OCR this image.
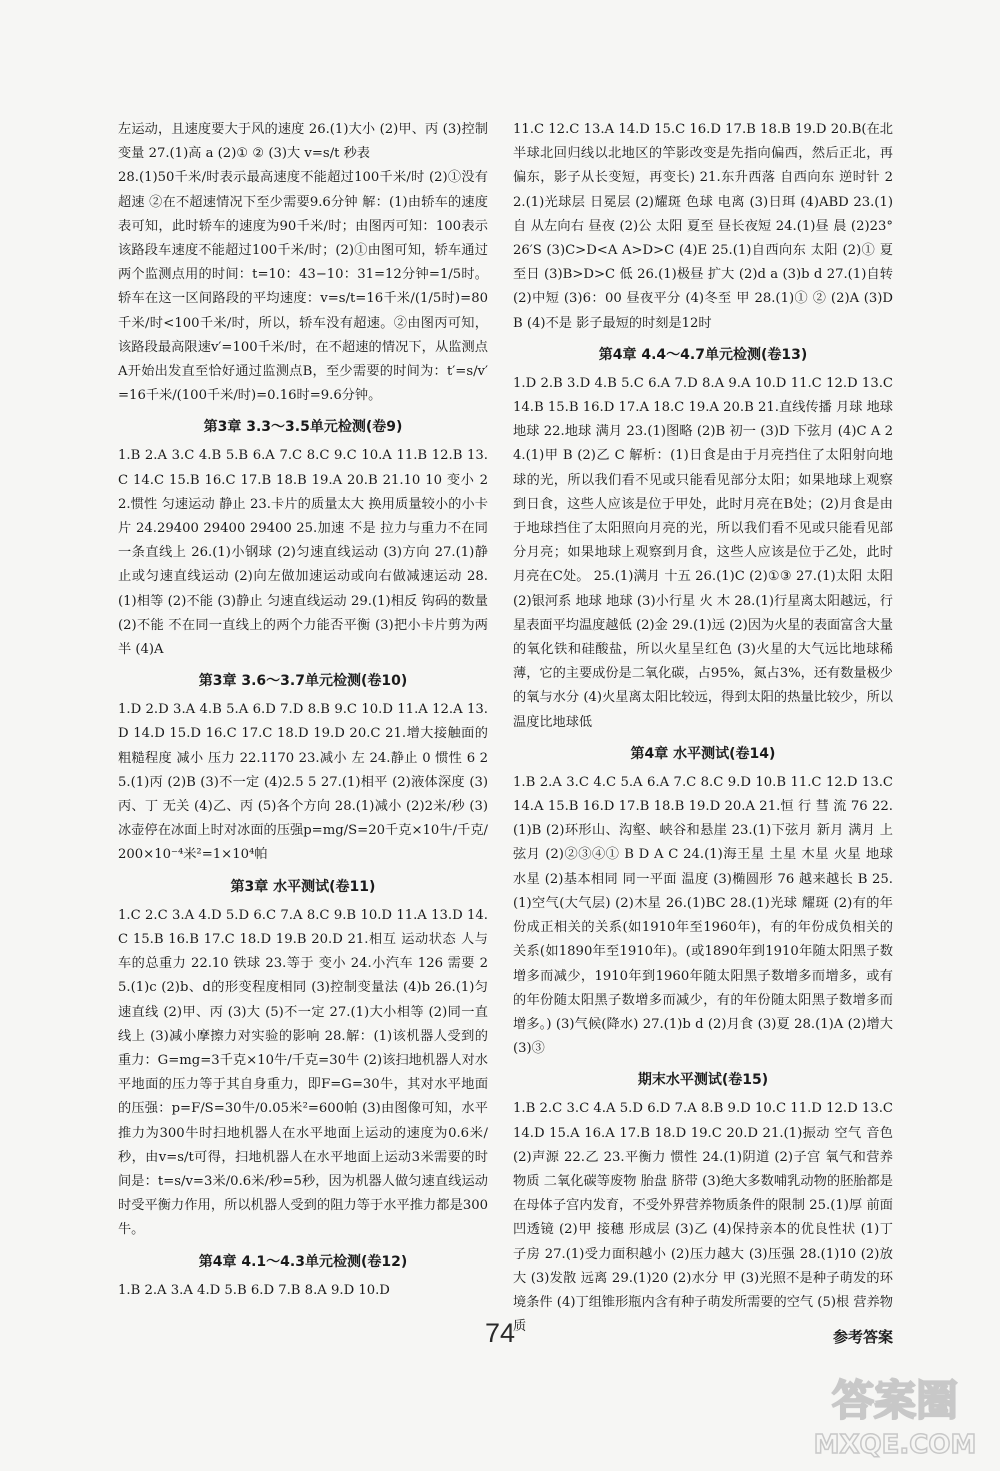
左运动，且速度要大于风的速度 26.(1)大小 (2)甲、丙 (3)控制变量 27.(1)高 a (2)① ② (3)大 v=s/t 秒表

28.(1)50千米/时表示最高速度不能超过100千米/时 (2)①没有超速 ②在不超速情况下至少需要9.6分钟 解：(1)由轿车的速度表可知，此时轿车的速度为90千米/时；由图丙可知：100表示该路段车速度不能超过100千米/时；(2)①由图可知，轿车通过两个监测点用的时间：t=10：43−10：31=12分钟=1/5时。轿车在这一区间路段的平均速度：v=s/t=16千米/(1/5时)=80千米/时<100千米/时，所以，轿车没有超速。②由图丙可知，该路段最高限速v′=100千米/时，在不超速的情况下，从监测点A开始出发直至恰好通过监测点B，至少需要的时间为：t′=s/v′=16千米/(100千米/时)=0.16时=9.6分钟。

第3章 3.3～3.5单元检测(卷9)

1.B 2.A 3.C 4.B 5.B 6.A 7.C 8.C 9.C 10.A 11.B 12.B 13.C 14.C 15.B 16.C 17.B 18.B 19.A 20.B 21.10 10 变小 22.惯性 匀速运动 静止 23.卡片的质量太大 换用质量较小的小卡片 24.29400 29400 29400 25.加速 不是 拉力与重力不在同一条直线上 26.(1)小钢球 (2)匀速直线运动 (3)方向 27.(1)静止或匀速直线运动 (2)向左做加速运动或向右做减速运动 28.(1)相等 (2)不能 (3)静止 匀速直线运动 29.(1)相反 钩码的数量 (2)不能 不在同一直线上的两个力能否平衡 (3)把小卡片剪为两半 (4)A

第3章 3.6～3.7单元检测(卷10)

1.D 2.D 3.A 4.B 5.A 6.D 7.D 8.B 9.C 10.D 11.A 12.A 13.D 14.D 15.D 16.C 17.C 18.D 19.D 20.C 21.增大接触面的粗糙程度 减小 压力 22.1170 23.减小 左 24.静止 0 惯性 6 25.(1)丙 (2)B (3)不一定 (4)2.5 5 27.(1)相平 (2)液体深度 (3)丙、丁 无关 (4)乙、丙 (5)各个方向 28.(1)减小 (2)2米/秒 (3)冰壶停在冰面上时对冰面的压强p=mg/S=20千克×10牛/千克/200×10⁻⁴米²=1×10⁴帕

第3章 水平测试(卷11)

1.C 2.C 3.A 4.D 5.D 6.C 7.A 8.C 9.B 10.D 11.A 13.D 14.C 15.B 16.B 17.C 18.D 19.B 20.D 21.相互 运动状态 人与车的总重力 22.10 铁球 23.等于 变小 24.小汽车 126 需要 25.(1)c (2)b、d的形变程度相同 (3)控制变量法 (4)b 26.(1)匀速直线 (2)甲、丙 (3)大 (5)不一定 27.(1)大小相等 (2)同一直线上 (3)减小摩擦力对实验的影响 28.解：(1)该机器人受到的重力：G=mg=3千克×10牛/千克=30牛 (2)该扫地机器人对水平地面的压力等于其自身重力，即F=G=30牛，其对水平地面的压强：p=F/S=30牛/0.05米²=600帕 (3)由图像可知，水平推力为300牛时扫地机器人在水平地面上运动的速度为0.6米/秒，由v=s/t可得，扫地机器人在水平地面上运动3米需要的时间是：t=s/v=3米/0.6米/秒=5秒，因为机器人做匀速直线运动时受平衡力作用，所以机器人受到的阻力等于水平推力都是300牛。

第4章 4.1～4.3单元检测(卷12)

1.B 2.A 3.A 4.D 5.B 6.D 7.B 8.A 9.D 10.D

11.C 12.C 13.A 14.D 15.C 16.D 17.B 18.B 19.D 20.B(在北半球北回归线以北地区的竿影改变是先指向偏西，然后正北，再偏东，影子从长变短，再变长) 21.东升西落 自西向东 逆时针 22.(1)光球层 日冕层 (2)耀斑 色球 电离 (3)日珥 (4)ABD 23.(1)自 从左向右 昼夜 (2)公 太阳 夏至 昼长夜短 24.(1)昼 晨 (2)23°26′S (3)C>D<A A>D>C (4)E 25.(1)自西向东 太阳 (2)① 夏至日 (3)B>D>C 低 26.(1)极昼 扩大 (2)d a (3)b d 27.(1)自转 (2)中短 (3)6：00 昼夜平分 (4)冬至 甲 28.(1)① ② (2)A (3)D B (4)不是 影子最短的时刻是12时

第4章 4.4～4.7单元检测(卷13)

1.D 2.B 3.D 4.B 5.C 6.A 7.D 8.A 9.A 10.D 11.C 12.D 13.C 14.B 15.B 16.D 17.A 18.C 19.A 20.B 21.直线传播 月球 地球 地球 22.地球 满月 23.(1)图略 (2)B 初一 (3)D 下弦月 (4)C A 24.(1)甲 B (2)乙 C 解析：(1)日食是由于月亮挡住了太阳射向地球的光，所以我们看不见或只能看见部分太阳；如果地球上观察到日食，这些人应该是位于甲处，此时月亮在B处；(2)月食是由于地球挡住了太阳照向月亮的光，所以我们看不见或只能看见部分月亮；如果地球上观察到月食，这些人应该是位于乙处，此时月亮在C处。 25.(1)满月 十五 26.(1)C (2)①③ 27.(1)太阳 太阳 (2)银河系 地球 地球 (3)小行星 火 木 28.(1)行星离太阳越远，行星表面平均温度越低 (2)金 29.(1)远 (2)因为火星的表面富含大量的氧化铁和硅酸盐，所以火星呈红色 (3)火星的大气远比地球稀薄，它的主要成份是二氧化碳，占95%，氮占3%，还有数量极少的氧与水分 (4)火星离太阳比较远，得到太阳的热量比较少，所以温度比地球低

第4章 水平测试(卷14)

1.B 2.A 3.C 4.C 5.A 6.A 7.C 8.C 9.D 10.B 11.C 12.D 13.C 14.A 15.B 16.D 17.B 18.B 19.D 20.A 21.恒 行 彗 流 76 22.(1)B (2)环形山、沟壑、峡谷和悬崖 23.(1)下弦月 新月 满月 上弦月 (2)②③④① B D A C 24.(1)海王星 土星 木星 火星 地球 水星 (2)基本相同 同一平面 温度 (3)椭圆形 76 越来越长 B 25.(1)空气(大气层) (2)木星 26.(1)BC 28.(1)光球 耀斑 (2)有的年份成正相关的关系(如1910年至1960年)，有的年份成负相关的关系(如1890年至1910年)。(或1890年到1910年随太阳黑子数增多而减少，1910年到1960年随太阳黑子数增多而增多，或有的年份随太阳黑子数增多而减少，有的年份随太阳黑子数增多而增多。) (3)气候(降水) 27.(1)b d (2)月食 (3)夏 28.(1)A (2)增大 (3)③

期末水平测试(卷15)

1.B 2.C 3.C 4.A 5.D 6.D 7.A 8.B 9.D 10.C 11.D 12.D 13.C 14.D 15.A 16.A 17.B 18.D 19.C 20.D 21.(1)振动 空气 音色 (2)声源 22.乙 23.平衡力 惯性 24.(1)阴道 (2)子宫 氧气和营养物质 二氧化碳等废物 胎盘 脐带 (3)绝大多数哺乳动物的胚胎都是在母体子宫内发育，不受外界营养物质条件的限制 25.(1)厚 前面凹透镜 (2)甲 接穗 形成层 (3)乙 (4)保持亲本的优良性状 (1)丁 子房 27.(1)受力面积越小 (2)压力越大 (3)压强 28.(1)10 (2)放大 (3)发散 远离 29.(1)20 (2)水分 甲 (3)光照不是种子萌发的环境条件 (4)丁组锥形瓶内含有种子萌发所需要的空气 (5)根 营养物质

74	参考答案
答案圈
MXQE.COM
